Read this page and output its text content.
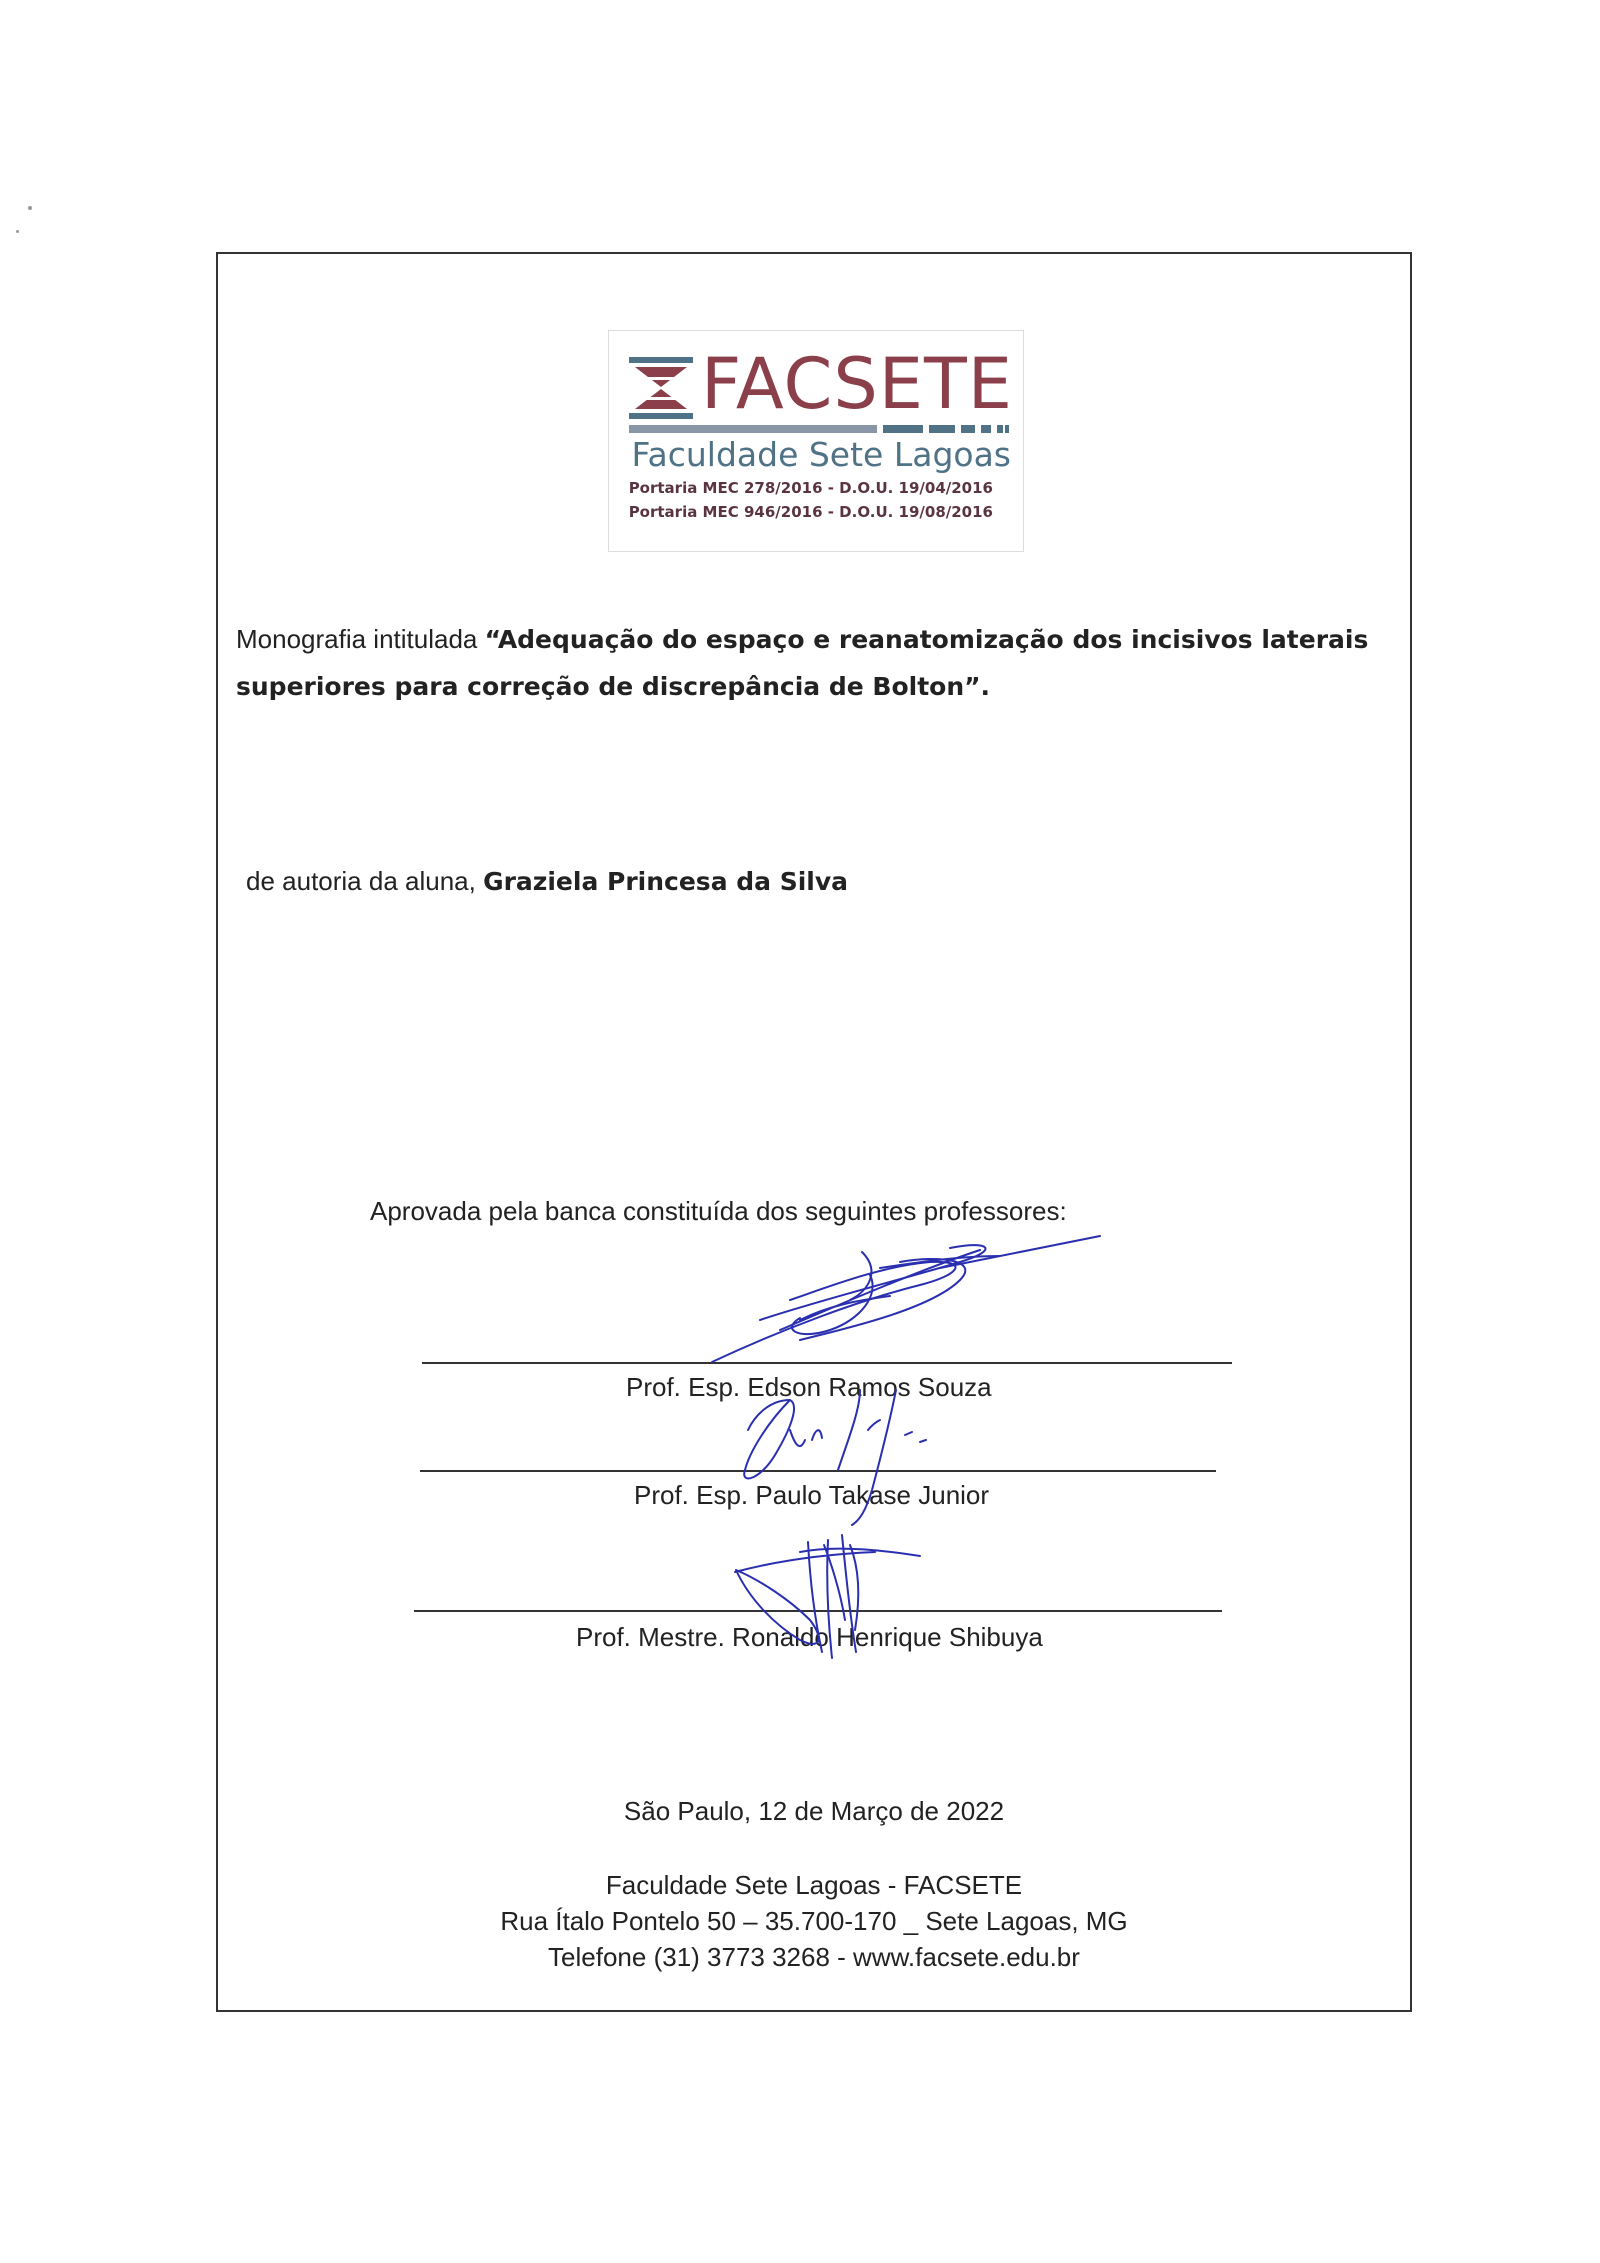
FACSETE
Faculdade Sete Lagoas
Portaria MEC 278/2016 - D.O.U. 19/04/2016
Portaria MEC 946/2016 - D.O.U. 19/08/2016
Monografia intitulada “Adequação do espaço e reanatomização dos incisivos laterais superiores para correção de discrepância de Bolton”.
de autoria da aluna, Graziela Princesa da Silva
Aprovada pela banca constituída dos seguintes professores:
Prof. Esp. Edson Ramos Souza
Prof. Esp. Paulo Takase Junior
Prof. Mestre. Ronaldo Henrique Shibuya
São Paulo, 12 de Março de 2022
Faculdade Sete Lagoas - FACSETE
Rua Ítalo Pontelo 50 – 35.700-170 _ Sete Lagoas, MG
Telefone (31) 3773 3268 - www.facsete.edu.br
